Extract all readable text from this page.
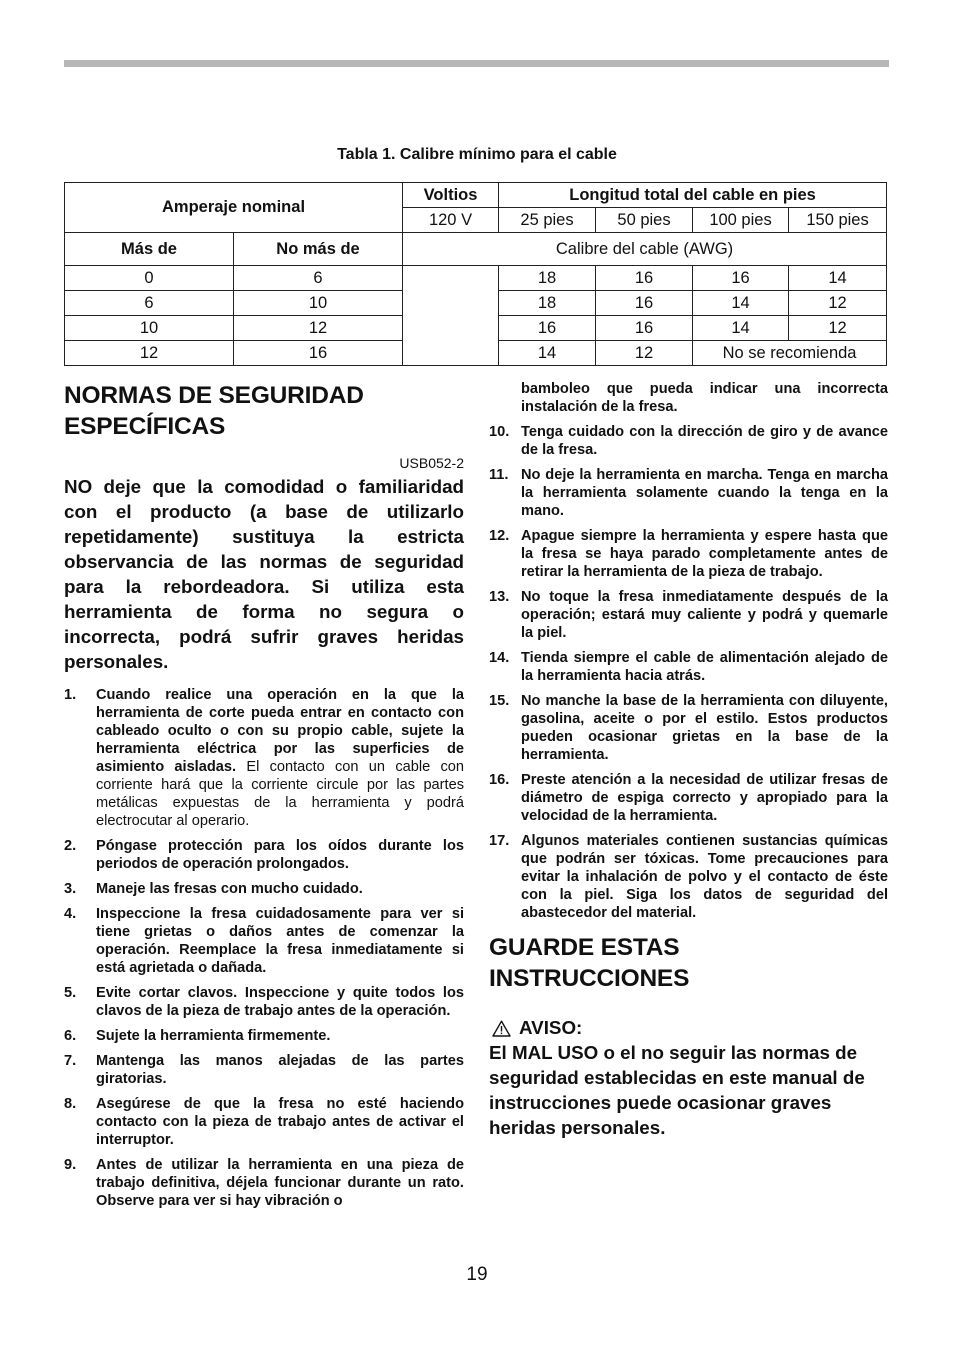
Tabla 1. Calibre mínimo para el cable
Amperaje nominal		Voltios	Longitud total del cable en pies			
		120 V	25 pies	50 pies	100 pies	150 pies
Más de	No más de	Calibre del cable (AWG)				
0	6		18	16	16	14
6	10		18	16	14	12
10	12		16	16	14	12
12	16		14	12	No se recomienda	
NORMAS DE SEGURIDAD
ESPECÍFICAS
USB052-2
NO deje que la comodidad o familiaridad con el producto (a base de utilizarlo repetidamente) sustituya la estricta observancia de las normas de seguridad para la rebordeadora. Si utiliza esta herramienta de forma no segura o incorrecta, podrá sufrir graves heridas personales.
1. Cuando realice una operación en la que la herramienta de corte pueda entrar en contacto con cableado oculto o con su propio cable, sujete la herramienta eléctrica por las superficies de asimiento aisladas. El contacto con un cable con corriente hará que la corriente circule por las partes metálicas expuestas de la herramienta y podrá electrocutar al operario.
2. Póngase protección para los oídos durante los periodos de operación prolongados.
3. Maneje las fresas con mucho cuidado.
4. Inspeccione la fresa cuidadosamente para ver si tiene grietas o daños antes de comenzar la operación. Reemplace la fresa inmediatamente si está agrietada o dañada.
5. Evite cortar clavos. Inspeccione y quite todos los clavos de la pieza de trabajo antes de la operación.
6. Sujete la herramienta firmemente.
7. Mantenga las manos alejadas de las partes giratorias.
8. Asegúrese de que la fresa no esté haciendo contacto con la pieza de trabajo antes de activar el interruptor.
9. Antes de utilizar la herramienta en una pieza de trabajo definitiva, déjela funcionar durante un rato. Observe para ver si hay vibración o
bamboleo que pueda indicar una incorrecta instalación de la fresa.
10. Tenga cuidado con la dirección de giro y de avance de la fresa.
11. No deje la herramienta en marcha. Tenga en marcha la herramienta solamente cuando la tenga en la mano.
12. Apague siempre la herramienta y espere hasta que la fresa se haya parado completamente antes de retirar la herramienta de la pieza de trabajo.
13. No toque la fresa inmediatamente después de la operación; estará muy caliente y podrá y quemarle la piel.
14. Tienda siempre el cable de alimentación alejado de la herramienta hacia atrás.
15. No manche la base de la herramienta con diluyente, gasolina, aceite o por el estilo. Estos productos pueden ocasionar grietas en la base de la herramienta.
16. Preste atención a la necesidad de utilizar fresas de diámetro de espiga correcto y apropiado para la velocidad de la herramienta.
17. Algunos materiales contienen sustancias químicas que podrán ser tóxicas. Tome precauciones para evitar la inhalación de polvo y el contacto de éste con la piel. Siga los datos de seguridad del abastecedor del material.
GUARDE ESTAS
INSTRUCCIONES
AVISO:
El MAL USO o el no seguir las normas de seguridad establecidas en este manual de instrucciones puede ocasionar graves heridas personales.
19
